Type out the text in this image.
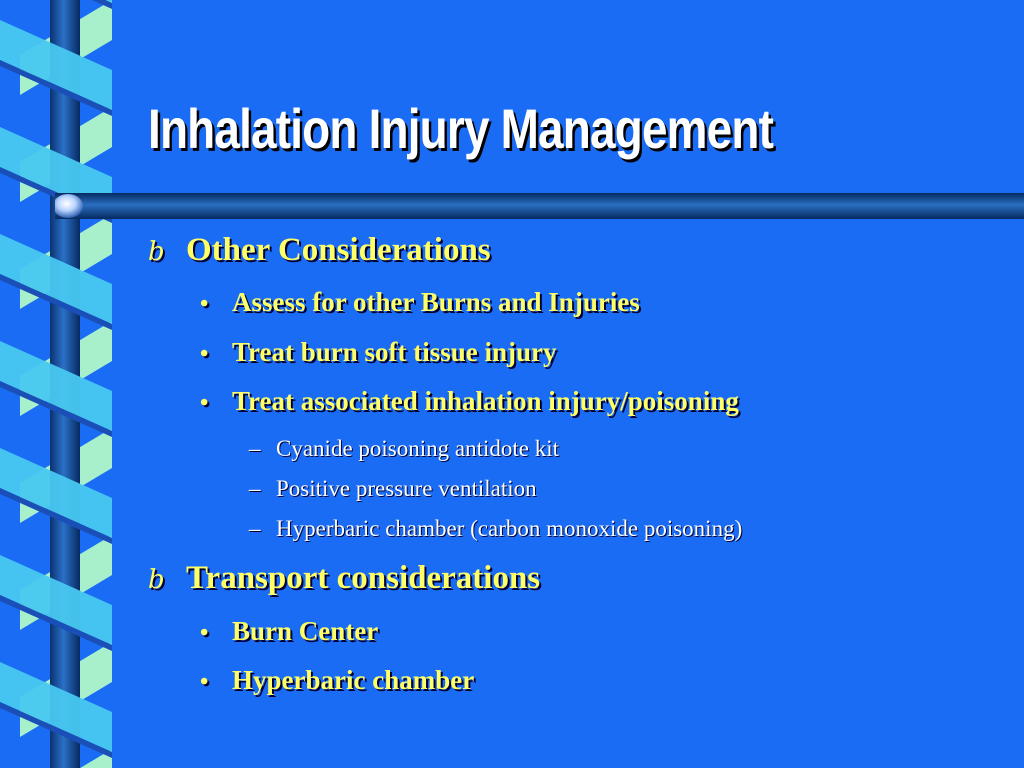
Inhalation Injury Management
b Other Considerations
• Assess for other Burns and Injuries
• Treat burn soft tissue injury
• Treat associated inhalation injury/poisoning
– Cyanide poisoning antidote kit
– Positive pressure ventilation
– Hyperbaric chamber (carbon monoxide poisoning)
b Transport considerations
• Burn Center
• Hyperbaric chamber
